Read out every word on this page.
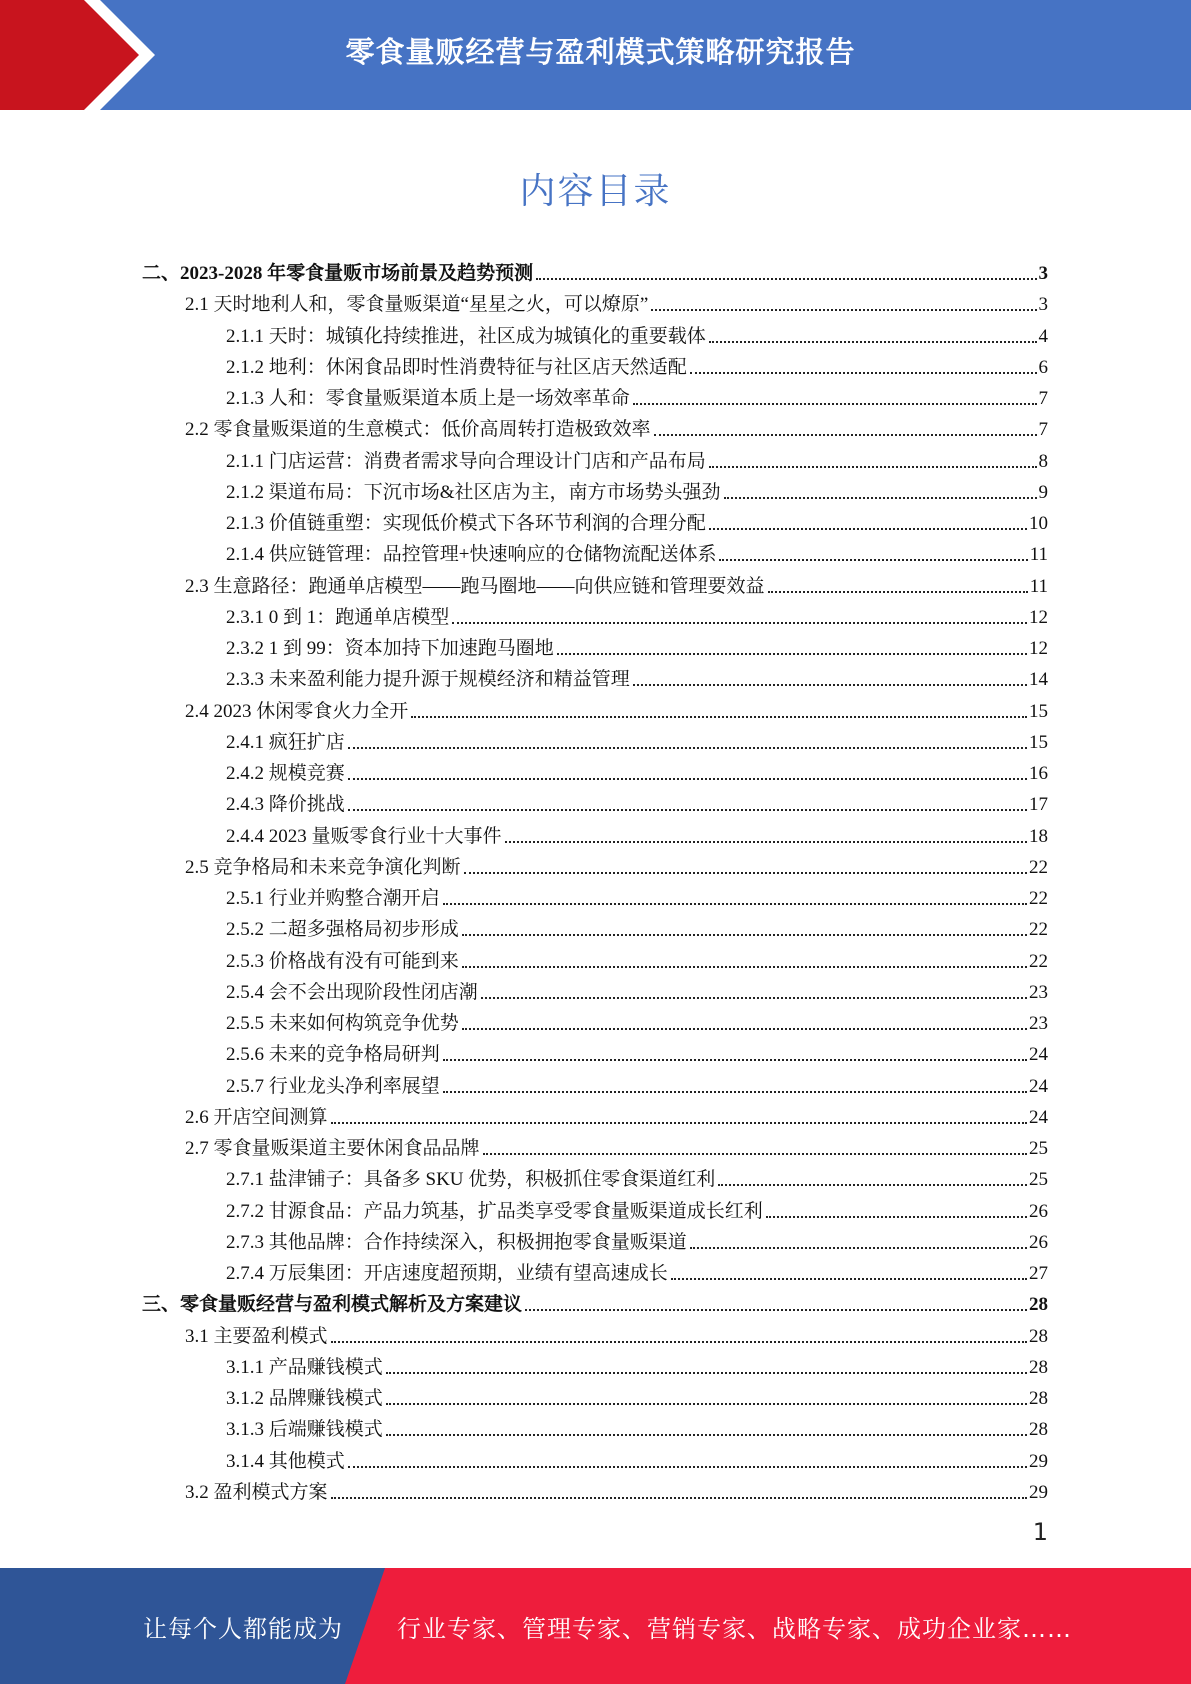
零食量贩经营与盈利模式策略研究报告
内容目录
二、2023-2028 年零食量贩市场前景及趋势预测	3
2.1 天时地利人和，零食量贩渠道“星星之火，可以燎原”	3
2.1.1 天时：城镇化持续推进，社区成为城镇化的重要载体	4
2.1.2 地利：休闲食品即时性消费特征与社区店天然适配	6
2.1.3 人和：零食量贩渠道本质上是一场效率革命	7
2.2 零食量贩渠道的生意模式：低价高周转打造极致效率	7
2.1.1 门店运营：消费者需求导向合理设计门店和产品布局	8
2.1.2 渠道布局：下沉市场&社区店为主，南方市场势头强劲	9
2.1.3 价值链重塑：实现低价模式下各环节利润的合理分配	10
2.1.4 供应链管理：品控管理+快速响应的仓储物流配送体系	11
2.3 生意路径：跑通单店模型——跑马圈地——向供应链和管理要效益	11
2.3.1 0 到 1：跑通单店模型	12
2.3.2 1 到 99：资本加持下加速跑马圈地	12
2.3.3 未来盈利能力提升源于规模经济和精益管理	14
2.4 2023 休闲零食火力全开	15
2.4.1 疯狂扩店	15
2.4.2 规模竞赛	16
2.4.3 降价挑战	17
2.4.4 2023 量贩零食行业十大事件	18
2.5 竞争格局和未来竞争演化判断	22
2.5.1 行业并购整合潮开启	22
2.5.2 二超多强格局初步形成	22
2.5.3 价格战有没有可能到来	22
2.5.4 会不会出现阶段性闭店潮	23
2.5.5 未来如何构筑竞争优势	23
2.5.6 未来的竞争格局研判	24
2.5.7 行业龙头净利率展望	24
2.6 开店空间测算	24
2.7 零食量贩渠道主要休闲食品品牌	25
2.7.1 盐津铺子：具备多 SKU 优势，积极抓住零食渠道红利	25
2.7.2 甘源食品：产品力筑基，扩品类享受零食量贩渠道成长红利	26
2.7.3 其他品牌：合作持续深入，积极拥抱零食量贩渠道	26
2.7.4 万辰集团：开店速度超预期，业绩有望高速成长	27
三、零食量贩经营与盈利模式解析及方案建议	28
3.1 主要盈利模式	28
3.1.1 产品赚钱模式	28
3.1.2 品牌赚钱模式	28
3.1.3 后端赚钱模式	28
3.1.4 其他模式	29
3.2 盈利模式方案	29
1
让每个人都能成为 行业专家、管理专家、营销专家、战略专家、成功企业家……
